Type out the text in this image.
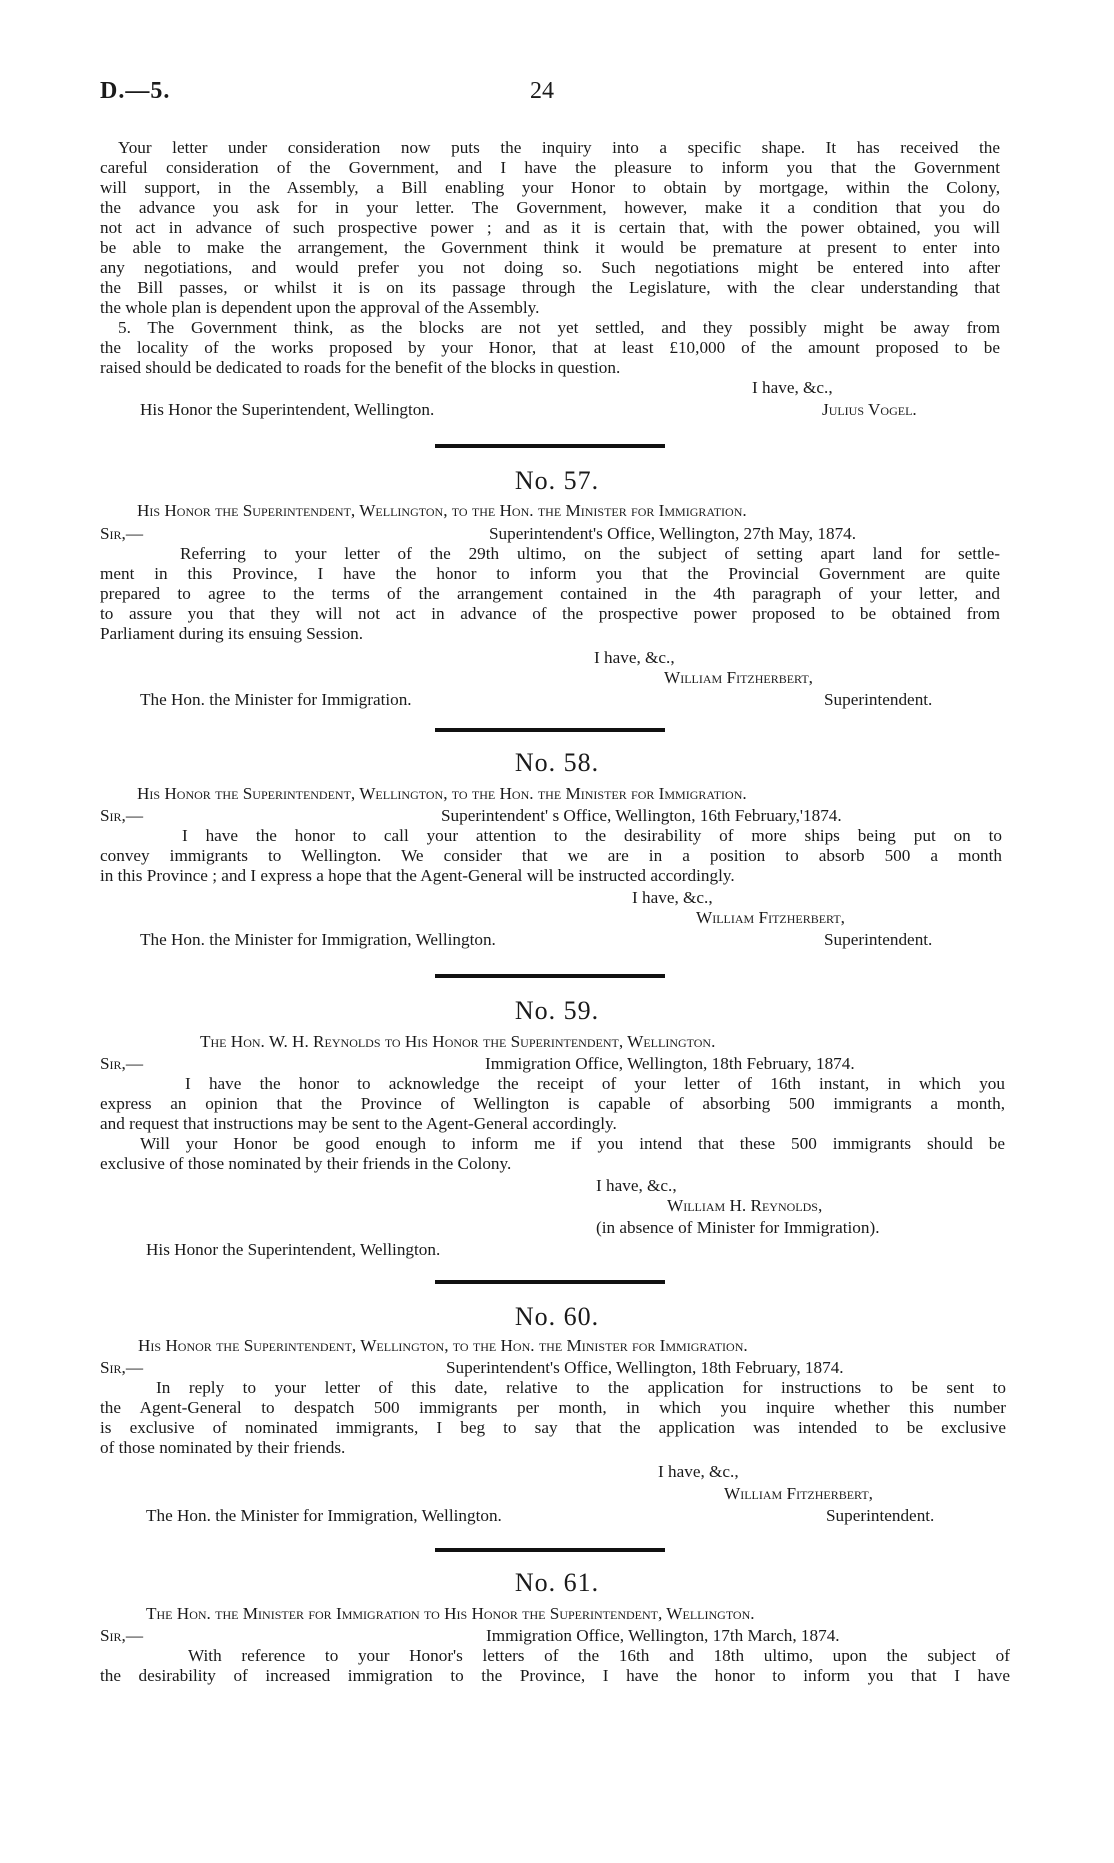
D.—5.	24
Your letter under consideration now puts the inquiry into a specific shape. It has received the
careful consideration of the Government, and I have the pleasure to inform you that the Government
will support, in the Assembly, a Bill enabling your Honor to obtain by mortgage, within the Colony,
the advance you ask for in your letter. The Government, however, make it a condition that you do
not act in advance of such prospective power ; and as it is certain that, with the power obtained, you will
be able to make the arrangement, the Government think it would be premature at present to enter into
any negotiations, and would prefer you not doing so. Such negotiations might be entered into after
the Bill passes, or whilst it is on its passage through the Legislature, with the clear understanding that
the whole plan is dependent upon the approval of the Assembly.
5. The Government think, as the blocks are not yet settled, and they possibly might be away from
the locality of the works proposed by your Honor, that at least £10,000 of the amount proposed to be
raised should be dedicated to roads for the benefit of the blocks in question.
I have, &c.,
His Honor the Superintendent, Wellington.	Julius Vogel.
No. 57.
His Honor the Superintendent, Wellington, to the Hon. the Minister for Immigration.
Sir,—	Superintendent's Office, Wellington, 27th May, 1874.
Referring to your letter of the 29th ultimo, on the subject of setting apart land for settle-
ment in this Province, I have the honor to inform you that the Provincial Government are quite
prepared to agree to the terms of the arrangement contained in the 4th paragraph of your letter, and
to assure you that they will not act in advance of the prospective power proposed to be obtained from
Parliament during its ensuing Session.
I have, &c.,
William Fitzherbert,
The Hon. the Minister for Immigration.	Superintendent.
No. 58.
His Honor the Superintendent, Wellington, to the Hon. the Minister for Immigration.
Sir,—	Superintendent' s Office, Wellington, 16th February,'1874.
I have the honor to call your attention to the desirability of more ships being put on to
convey immigrants to Wellington. We consider that we are in a position to absorb 500 a month
in this Province ; and I express a hope that the Agent-General will be instructed accordingly.
I have, &c.,
William Fitzherbert,
The Hon. the Minister for Immigration, Wellington.	Superintendent.
No. 59.
The Hon. W. H. Reynolds to His Honor the Superintendent, Wellington.
Sir,—	Immigration Office, Wellington, 18th February, 1874.
I have the honor to acknowledge the receipt of your letter of 16th instant, in which you
express an opinion that the Province of Wellington is capable of absorbing 500 immigrants a month,
and request that instructions may be sent to the Agent-General accordingly.
Will your Honor be good enough to inform me if you intend that these 500 immigrants should be
exclusive of those nominated by their friends in the Colony.
I have, &c.,
William H. Reynolds,
(in absence of Minister for Immigration).
His Honor the Superintendent, Wellington.
No. 60.
His Honor the Superintendent, Wellington, to the Hon. the Minister for Immigration.
Sir,—	Superintendent's Office, Wellington, 18th February, 1874.
In reply to your letter of this date, relative to the application for instructions to be sent to
the Agent-General to despatch 500 immigrants per month, in which you inquire whether this number
is exclusive of nominated immigrants, I beg to say that the application was intended to be exclusive
of those nominated by their friends.
I have, &c.,
William Fitzherbert,
The Hon. the Minister for Immigration, Wellington.	Superintendent.
No. 61.
The Hon. the Minister for Immigration to His Honor the Superintendent, Wellington.
Sir,—	Immigration Office, Wellington, 17th March, 1874.
With reference to your Honor's letters of the 16th and 18th ultimo, upon the subject of
the desirability of increased immigration to the Province, I have the honor to inform you that I have
